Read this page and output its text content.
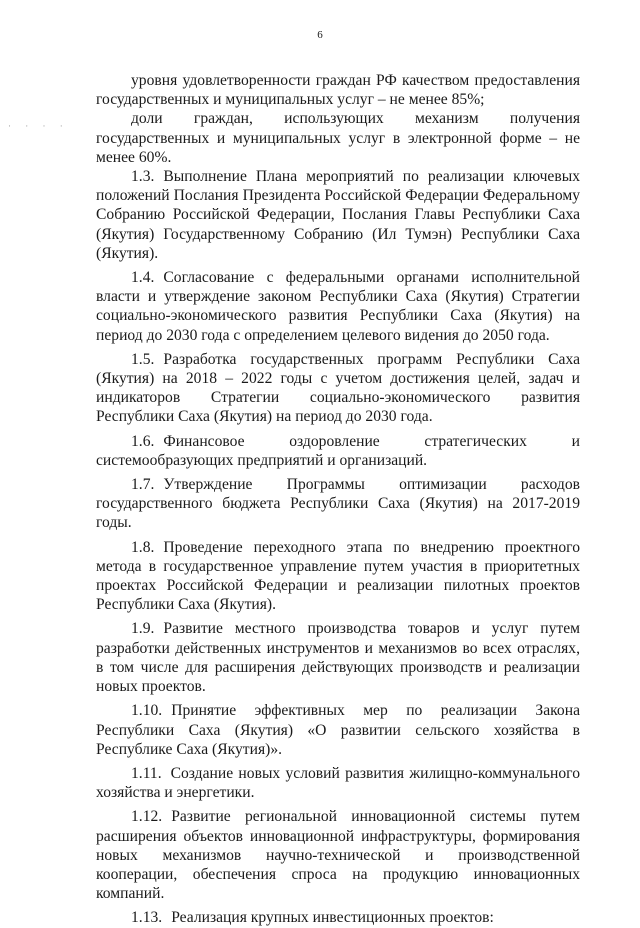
6
· · · ·

уровня удовлетворенности граждан РФ качеством предоставления государственных и муниципальных услуг – не менее 85%;

доли граждан, использующих механизм получения государственных и муниципальных услуг в электронной форме – не менее 60%.

1.3. Выполнение Плана мероприятий по реализации ключевых положений Послания Президента Российской Федерации Федеральному Собранию Российской Федерации, Послания Главы Республики Саха (Якутия) Государственному Собранию (Ил Тумэн) Республики Саха (Якутия).

1.4. Согласование с федеральными органами исполнительной власти и утверждение законом Республики Саха (Якутия) Стратегии социально-экономического развития Республики Саха (Якутия) на период до 2030 года с определением целевого видения до 2050 года.

1.5. Разработка государственных программ Республики Саха (Якутия) на 2018 – 2022 годы с учетом достижения целей, задач и индикаторов Стратегии социально-экономического развития Республики Саха (Якутия) на период до 2030 года.

1.6. Финансовое оздоровление стратегических и системообразующих предприятий и организаций.

1.7. Утверждение Программы оптимизации расходов государственного бюджета Республики Саха (Якутия) на 2017-2019 годы.

1.8. Проведение переходного этапа по внедрению проектного метода в государственное управление путем участия в приоритетных проектах Российской Федерации и реализации пилотных проектов Республики Саха (Якутия).

1.9. Развитие местного производства товаров и услуг путем разработки действенных инструментов и механизмов во всех отраслях, в том числе для расширения действующих производств и реализации новых проектов.

1.10. Принятие эффективных мер по реализации Закона Республики Саха (Якутия) «О развитии сельского хозяйства в Республике Саха (Якутия)».

1.11. Создание новых условий развития жилищно-коммунального хозяйства и энергетики.

1.12. Развитие региональной инновационной системы путем расширения объектов инновационной инфраструктуры, формирования новых механизмов научно-технической и производственной кооперации, обеспечения спроса на продукцию инновационных компаний.

1.13. Реализация крупных инвестиционных проектов:
